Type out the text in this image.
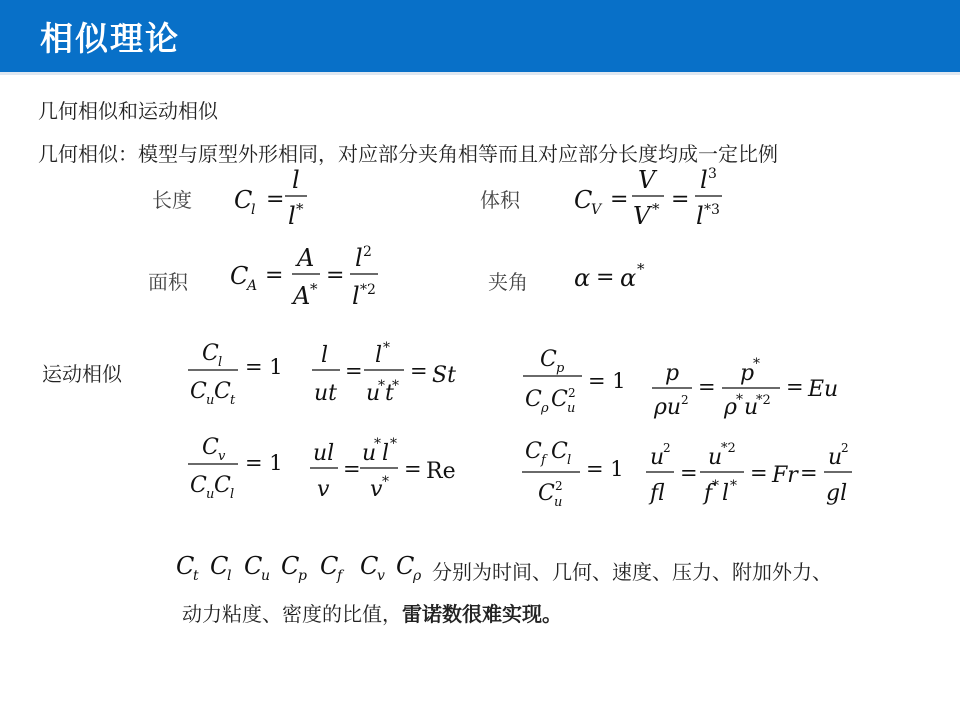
相似理论
几何相似和运动相似
几何相似：模型与原型外形相同，对应部分夹角相等而且对应部分长度均成一定比例
长度	体积
面积	夹角
运动相似
分别为时间、几何、速度、压力、附加外力、
动力粘度、密度的比值，雷诺数很难实现。
C
l =
l
l *	C
V =
V
V * =
l 3
l *3
C
A =
A
A *
=
l 2
l *2	α = α *
C l
C u C t
= 1 l
ut
=
l *
u
* t
*
= St
C p
C ρ C u
2 = 1 p
ρu 2
=
p
*
ρ * u
*2
= Eu
C v
C u C l
= 1 ul
v
=
u
* l *
v *
= Re
C f C l
C u
2
= 1 u
2
fl
=
u
*2
f * l *
= Fr =
u
2
gl
C
t C
l C
u C
p C
f C
v C
ρ
